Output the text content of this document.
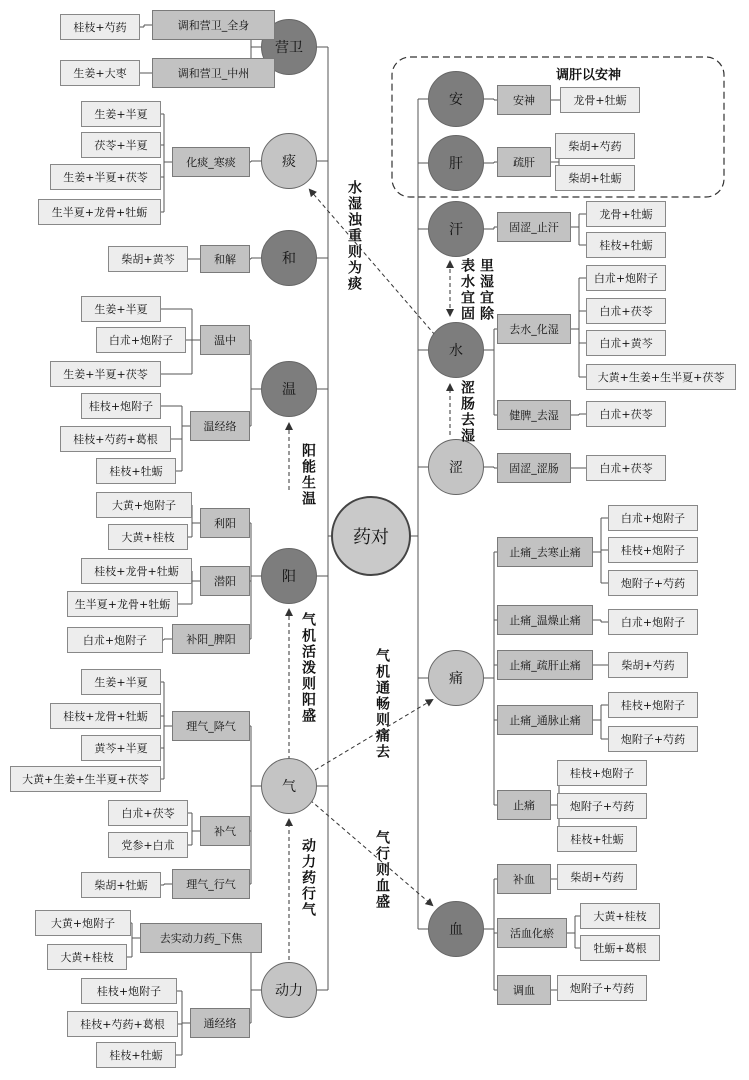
营卫
痰
和
温
阳
气
动力
安
肝
汗
水
涩
痛
血
调和营卫_全身
调和营卫_中州
化痰_寒痰
和解
温中
温经络
利阳
潜阳
补阳_脾阳
理气_降气
补气
理气_行气
去实动力药_下焦
通经络
安神
疏肝
固涩_止汗
去水_化湿
健脾_去湿
固涩_涩肠
止痛_去寒止痛
止痛_温燥止痛
止痛_疏肝止痛
止痛_通脉止痛
止痛
补血
活血化瘀
调血
桂枝+芍药
生姜+大枣
生姜+半夏
茯苓+半夏
生姜+半夏+茯苓
生半夏+龙骨+牡蛎
柴胡+黄芩
生姜+半夏
白朮+炮附子
生姜+半夏+茯苓
桂枝+炮附子
桂枝+芍药+葛根
桂枝+牡蛎
大黄+炮附子
大黄+桂枝
桂枝+龙骨+牡蛎
生半夏+龙骨+牡蛎
白朮+炮附子
生姜+半夏
桂枝+龙骨+牡蛎
黄芩+半夏
大黄+生姜+生半夏+茯苓
白朮+茯苓
党参+白朮
柴胡+牡蛎
大黄+炮附子
大黄+桂枝
桂枝+炮附子
桂枝+芍药+葛根
桂枝+牡蛎
龙骨+牡蛎
柴胡+芍药
柴胡+牡蛎
龙骨+牡蛎
桂枝+牡蛎
白朮+炮附子
白朮+茯苓
白朮+黄芩
大黄+生姜+生半夏+茯苓
白朮+茯苓
白朮+茯苓
白朮+炮附子
桂枝+炮附子
炮附子+芍药
白朮+炮附子
柴胡+芍药
桂枝+炮附子
炮附子+芍药
桂枝+炮附子
炮附子+芍药
桂枝+牡蛎
柴胡+芍药
大黄+桂枝
牡蛎+葛根
炮附子+芍药
药对
水湿浊重则为痰
阳能生温
气机活泼则阳盛
动力药行气
里湿宜除
表水宜固
涩肠去湿
气机通畅则痛去
气行则血盛
调肝以安神
